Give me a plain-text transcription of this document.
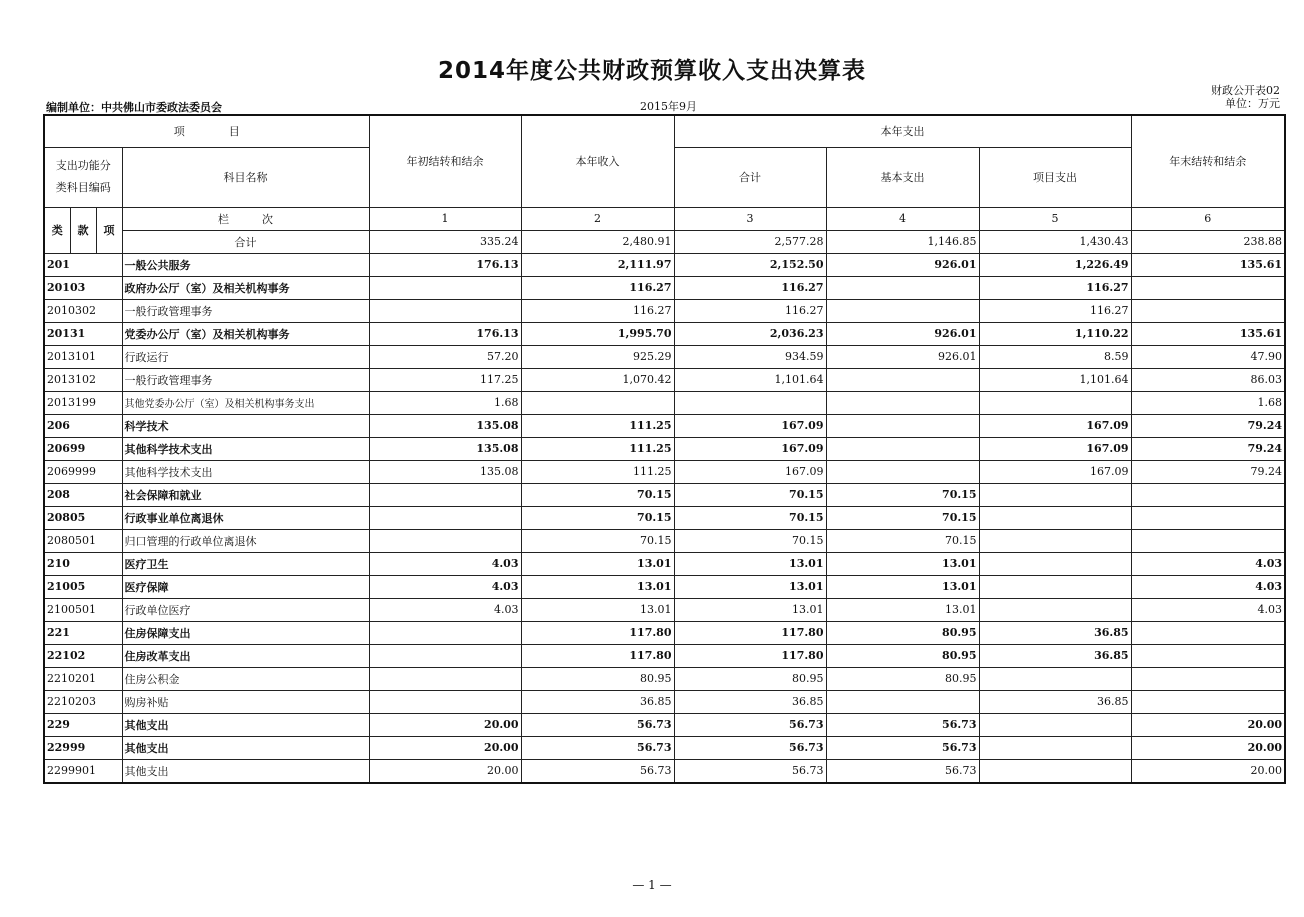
2014年度公共财政预算收入支出决算表
财政公开表02
单位：万元
编制单位：中共佛山市委政法委员会	2015年9月
项　　　　目				年初结转和结余	本年收入	本年支出			年末结转和结余
支出功能分类科目编码			科目名称			合计	基本支出	项目支出	
类	款	项	栏　　　次	1	2	3	4	5	6
			合计	335.24	2,480.91	2,577.28	1,146.85	1,430.43	238.88
201			一般公共服务	176.13	2,111.97	2,152.50	926.01	1,226.49	135.61
20103			政府办公厅（室）及相关机构事务		116.27	116.27		116.27	
2010302			一般行政管理事务		116.27	116.27		116.27	
20131			党委办公厅（室）及相关机构事务	176.13	1,995.70	2,036.23	926.01	1,110.22	135.61
2013101			行政运行	57.20	925.29	934.59	926.01	8.59	47.90
2013102			一般行政管理事务	117.25	1,070.42	1,101.64		1,101.64	86.03
2013199			其他党委办公厅（室）及相关机构事务支出	1.68					1.68
206			科学技术	135.08	111.25	167.09		167.09	79.24
20699			其他科学技术支出	135.08	111.25	167.09		167.09	79.24
2069999			其他科学技术支出	135.08	111.25	167.09		167.09	79.24
208			社会保障和就业		70.15	70.15	70.15		
20805			行政事业单位离退休		70.15	70.15	70.15		
2080501			归口管理的行政单位离退休		70.15	70.15	70.15		
210			医疗卫生	4.03	13.01	13.01	13.01		4.03
21005			医疗保障	4.03	13.01	13.01	13.01		4.03
2100501			行政单位医疗	4.03	13.01	13.01	13.01		4.03
221			住房保障支出		117.80	117.80	80.95	36.85	
22102			住房改革支出		117.80	117.80	80.95	36.85	
2210201			住房公积金		80.95	80.95	80.95		
2210203			购房补贴		36.85	36.85		36.85	
229			其他支出	20.00	56.73	56.73	56.73		20.00
22999			其他支出	20.00	56.73	56.73	56.73		20.00
2299901			其他支出	20.00	56.73	56.73	56.73		20.00
— 1 —
